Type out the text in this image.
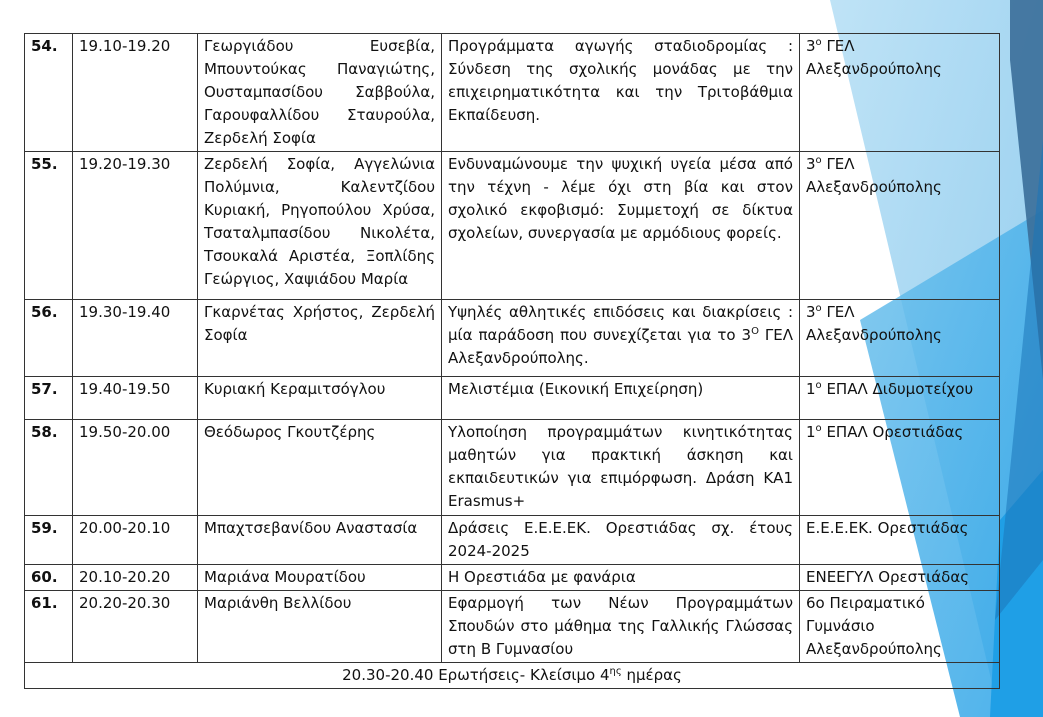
54.	19.10-19.20	Γεωργιάδου Ευσεβία, Μπουντούκας Παναγιώτης, Ουσταμπασίδου Σαββούλα, Γαρουφαλλίδου Σταυρούλα, Ζερδελή Σοφία	Προγράμματα αγωγής σταδιοδρομίας : Σύνδεση της σχολικής μονάδας με την επιχειρηματικότητα και την Τριτοβάθμια Εκπαίδευση.	$3^o$ ΓΕΛ Αλεξανδρούπολης
55.	19.20-19.30	Ζερδελή Σοφία, Αγγελώνια Πολύμνια, Καλεντζίδου Κυριακή, Ρηγοπούλου Χρύσα, Τσαταλμπασίδου Νικολέτα, Τσουκαλά Αριστέα, Ξοπλίδης Γεώργιος, Χαψιάδου Μαρία	Ενδυναμώνουμε την ψυχική υγεία μέσα από την τέχνη - λέμε όχι στη βία και στον σχολικό εκφοβισμό: Συμμετοχή σε δίκτυα σχολείων, συνεργασία με αρμόδιους φορείς.	$3^o$ ΓΕΛ Αλεξανδρούπολης
56.	19.30-19.40	Γκαρνέτας Χρήστος, Ζερδελή Σοφία	Υψηλές αθλητικές επιδόσεις και διακρίσεις : μία παράδοση που συνεχίζεται για το $3^O$ ΓΕΛ Αλεξανδρούπολης.	$3^o$ ΓΕΛ Αλεξανδρούπολης
57.	19.40-19.50	Κυριακή Κεραμιτσόγλου	Μελιστέμια (Εικονική Επιχείρηση)	$1^o$ ΕΠΑΛ Διδυμοτείχου
58.	19.50-20.00	Θεόδωρος Γκουτζέρης	Υλοποίηση προγραμμάτων κινητικότητας μαθητών για πρακτική άσκηση και εκπαιδευτικών για επιμόρφωση. Δράση ΚΑ1 Erasmus+	$1^o$ ΕΠΑΛ Ορεστιάδας
59.	20.00-20.10	Μπαχτσεβανίδου Αναστασία	Δράσεις Ε.Ε.Ε.ΕΚ. Ορεστιάδας σχ. έτους 2024-2025	Ε.Ε.Ε.ΕΚ. Ορεστιάδας
60.	20.10-20.20	Μαριάνα Μουρατίδου	Η Ορεστιάδα με φανάρια	ΕΝΕΕΓΥΛ Ορεστιάδας
61.	20.20-20.30	Μαριάνθη Βελλίδου	Εφαρμογή των Νέων Προγραμμάτων Σπουδών στο μάθημα της Γαλλικής Γλώσσας στη Β Γυμνασίου	6ο Πειραματικό Γυμνάσιο Αλεξανδρούπολης
20.30-20.40 Ερωτήσεις- Κλείσιμο $4^{\eta\varsigma}$ ημέρας				
